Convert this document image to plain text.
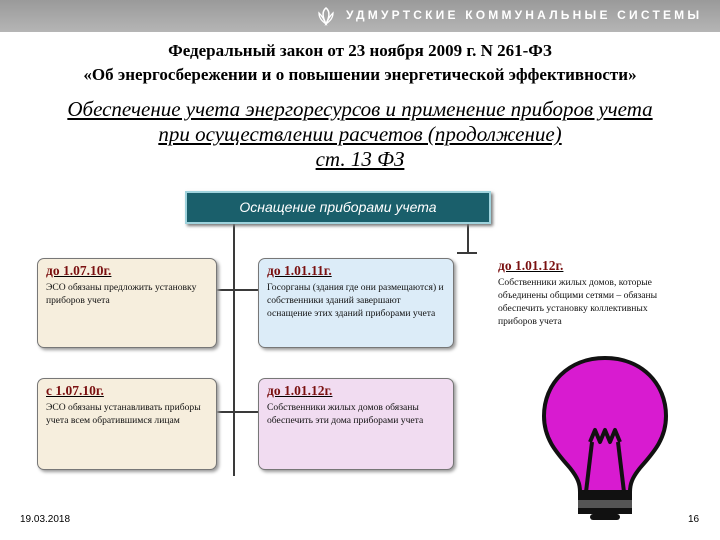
УДМУРТСКИЕ КОММУНАЛЬНЫЕ СИСТЕМЫ
Федеральный закон от 23 ноября 2009 г. N 261-ФЗ
«Об энергосбережении и о повышении энергетической эффективности»
Обеспечение учета энергоресурсов и применение приборов учета
при осуществлении расчетов (продолжение)
ст. 13 ФЗ
Оснащение приборами учета
до 1.07.10г.
ЭСО обязаны предложить установку приборов учета
до 1.01.11г.
Госорганы (здания где они размещаются) и собственники зданий завершают оснащение этих зданий приборами учета
до 1.01.12г.
Собственники жилых домов, которые объединены общими сетями – обязаны обеспечить установку коллективных приборов учета
с 1.07.10г.
ЭСО обязаны устанавливать приборы учета всем обратившимся лицам
до 1.01.12г.
Собственники жилых домов обязаны обеспечить эти дома приборами учета
19.03.2018	16
